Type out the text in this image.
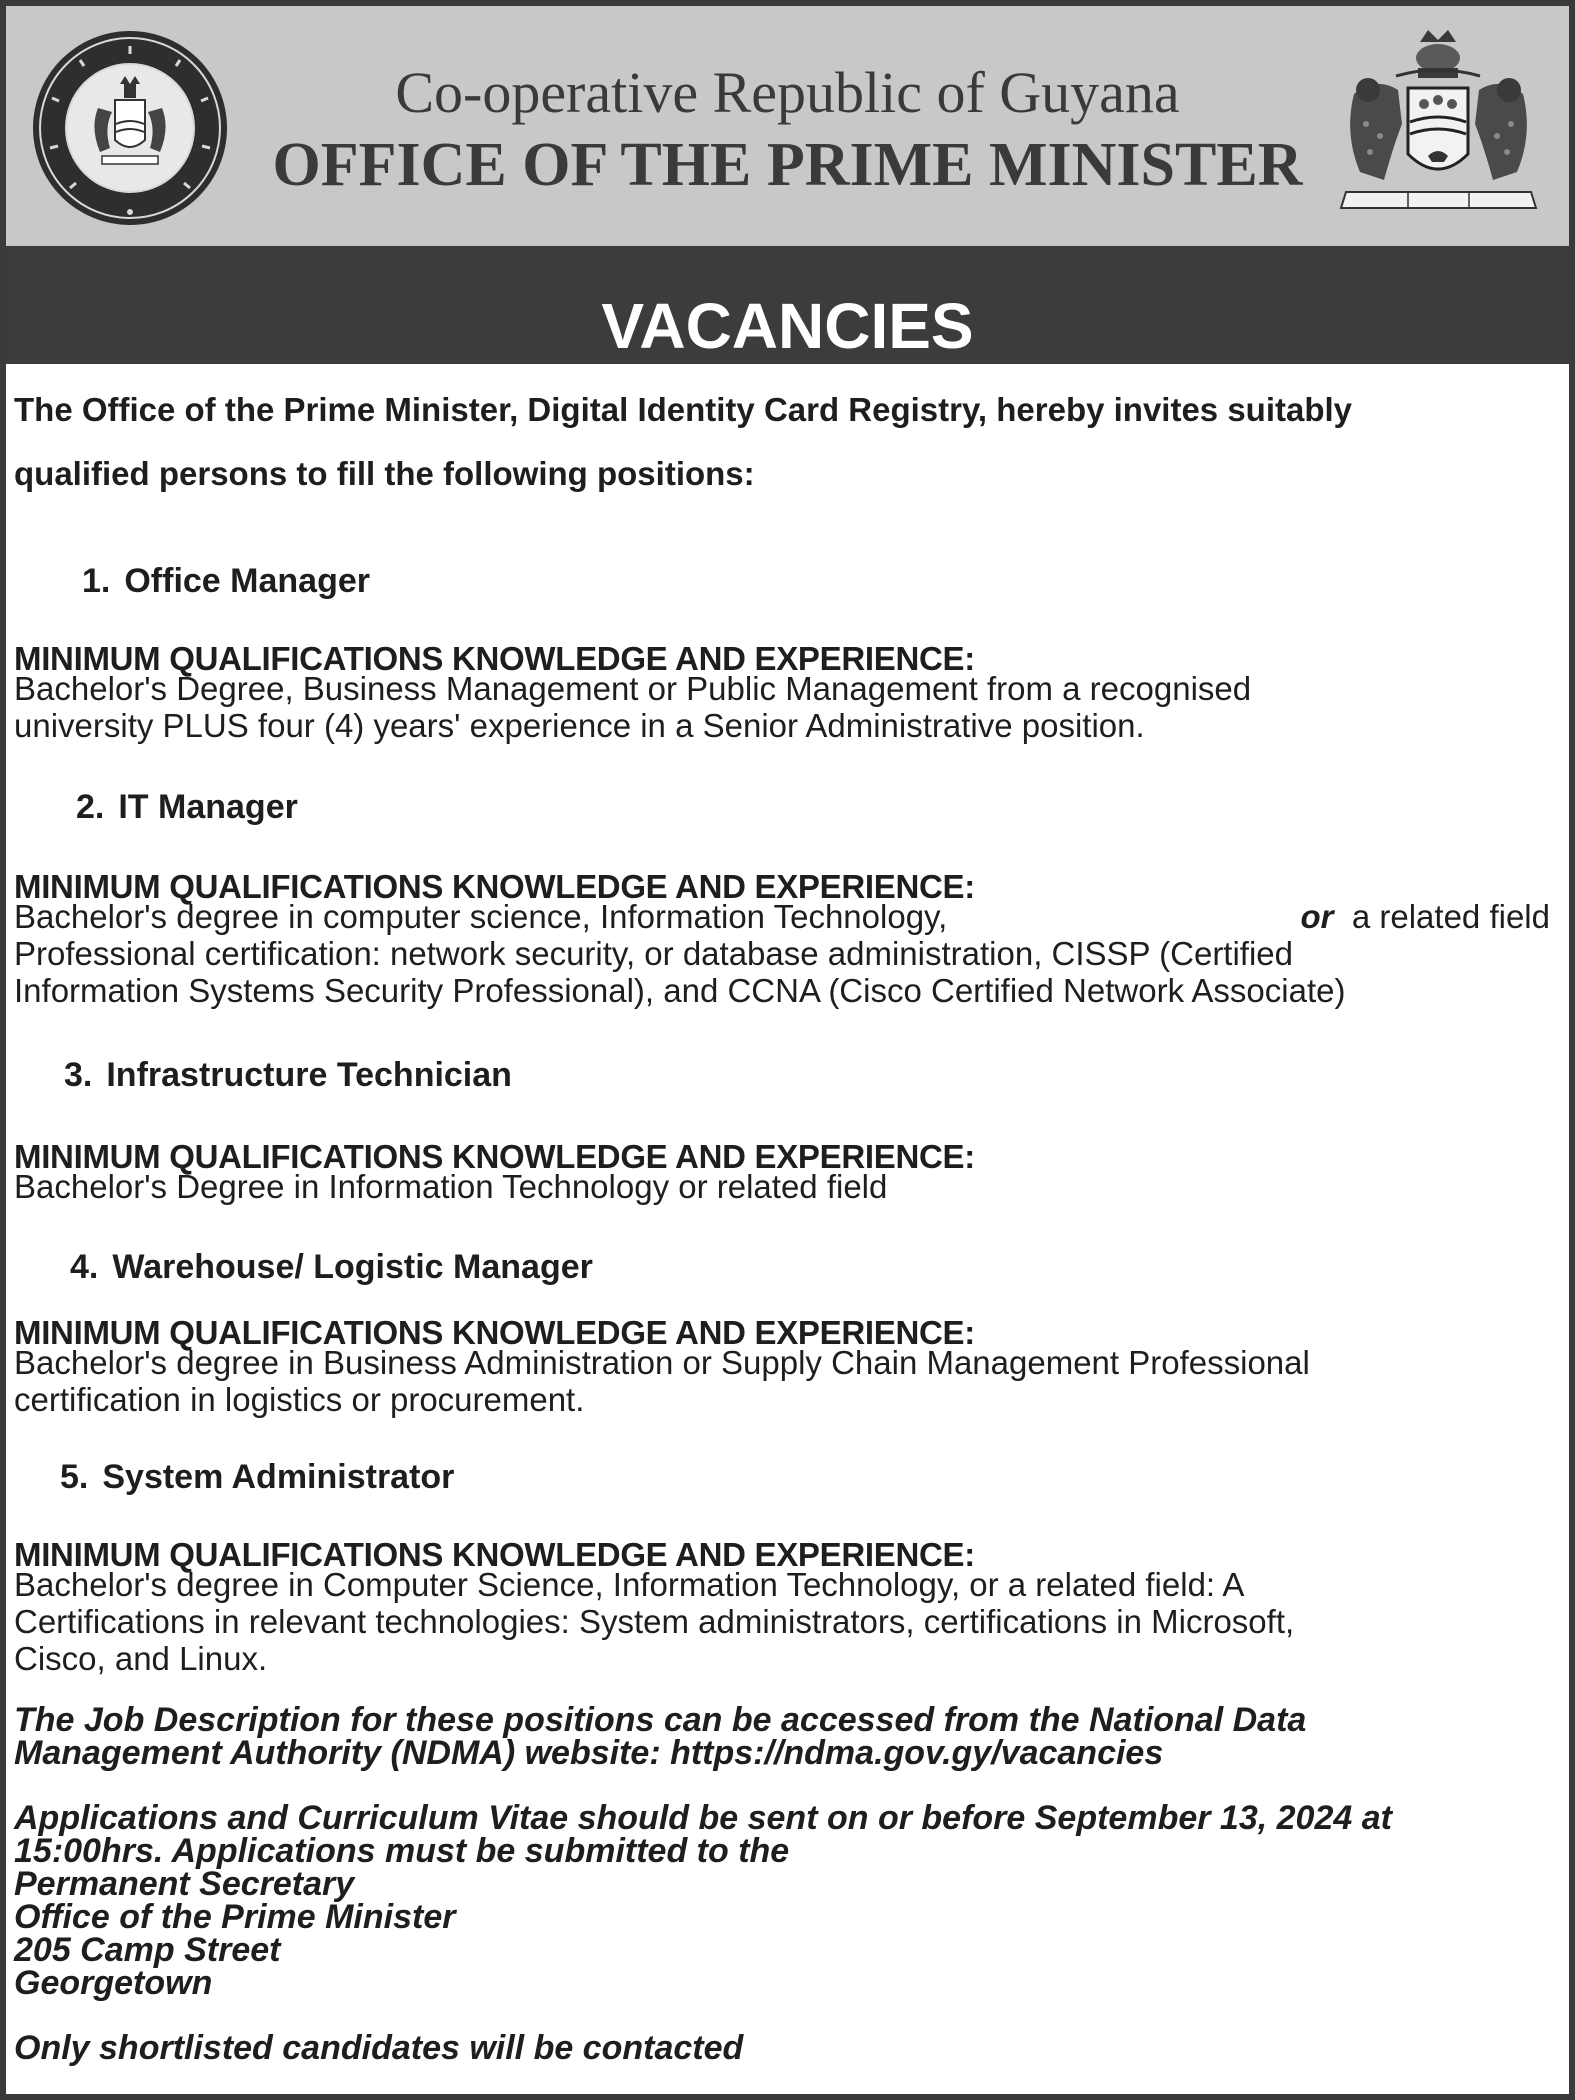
Co-operative Republic of Guyana
OFFICE OF THE PRIME MINISTER
VACANCIES
The Office of the Prime Minister, Digital Identity Card Registry, hereby invites suitably
qualified persons to fill the following positions:
1. Office Manager
MINIMUM QUALIFICATIONS KNOWLEDGE AND EXPERIENCE:
Bachelor's Degree, Business Management or Public Management from a recognised
university PLUS four (4) years' experience in a Senior Administrative position.
2. IT Manager
MINIMUM QUALIFICATIONS KNOWLEDGE AND EXPERIENCE:
Bachelor's degree in computer science, Information Technology,	or a related field
Professional certification: network security, or database administration, CISSP (Certified
Information Systems Security Professional), and CCNA (Cisco Certified Network Associate)
3. Infrastructure Technician
MINIMUM QUALIFICATIONS KNOWLEDGE AND EXPERIENCE:
Bachelor's Degree in Information Technology or related field
4. Warehouse/ Logistic Manager
MINIMUM QUALIFICATIONS KNOWLEDGE AND EXPERIENCE:
Bachelor's degree in Business Administration or Supply Chain Management Professional
certification in logistics or procurement.
5. System Administrator
MINIMUM QUALIFICATIONS KNOWLEDGE AND EXPERIENCE:
Bachelor's degree in Computer Science, Information Technology, or a related field: A
Certifications in relevant technologies: System administrators, certifications in Microsoft,
Cisco, and Linux.
The Job Description for these positions can be accessed from the National Data
Management Authority (NDMA) website: https://ndma.gov.gy/vacancies
Applications and Curriculum Vitae should be sent on or before September 13, 2024 at
15:00hrs. Applications must be submitted to the
Permanent Secretary
Office of the Prime Minister
205 Camp Street
Georgetown
Only shortlisted candidates will be contacted
